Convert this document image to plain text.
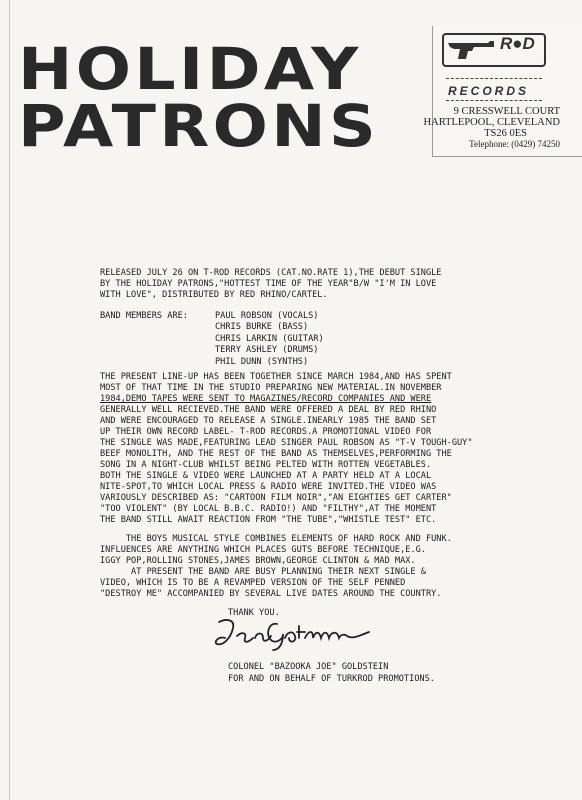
HOLIDAY
PATRONS
R●D
RECORDS
9 CRESSWELL COURT
HARTLEPOOL, CLEVELAND
TS26 0ES
Telephone: (0429) 74250
RELEASED JULY 26 ON T-ROD RECORDS (CAT.NO.RATE 1),THE DEBUT SINGLE
BY THE HOLIDAY PATRONS,"HOTTEST TIME OF THE YEAR"B/W "I'M IN LOVE
WITH LOVE", DISTRIBUTED BY RED RHINO/CARTEL.
BAND MEMBERS ARE:	PAUL ROBSON (VOCALS)
CHRIS BURKE (BASS)
CHRIS LARKIN (GUITAR)
TERRY ASHLEY (DRUMS)
PHIL DUNN (SYNTHS)
THE PRESENT LINE-UP HAS BEEN TOGETHER SINCE MARCH 1984,AND HAS SPENT
MOST OF THAT TIME IN THE STUDIO PREPARING NEW MATERIAL.IN NOVEMBER
1984,DEMO TAPES WERE SENT TO MAGAZINES/RECORD COMPANIES AND WERE
GENERALLY WELL RECIEVED.THE BAND WERE OFFERED A DEAL BY RED RHINO
AND WERE ENCOURAGED TO RELEASE A SINGLE.INEARLY 1985 THE BAND SET
UP THEIR OWN RECORD LABEL- T-ROD RECORDS.A PROMOTIONAL VIDEO FOR
THE SINGLE WAS MADE,FEATURING LEAD SINGER PAUL ROBSON AS "T-V TOUGH-GUY"
BEEF MONOLITH, AND THE REST OF THE BAND AS THEMSELVES,PERFORMING THE
SONG IN A NIGHT-CLUB WHILST BEING PELTED WITH ROTTEN VEGETABLES.
BOTH THE SINGLE & VIDEO WERE LAUNCHED AT A PARTY HELD AT A LOCAL
NITE-SPOT,TO WHICH LOCAL PRESS & RADIO WERE INVITED.THE VIDEO WAS
VARIOUSLY DESCRIBED AS: "CARTOON FILM NOIR","AN EIGHTIES GET CARTER"
"TOO VIOLENT" (BY LOCAL B.B.C. RADIO!) AND "FILTHY",AT THE MOMENT
THE BAND STILL AWAIT REACTION FROM "THE TUBE","WHISTLE TEST" ETC.
THE BOYS MUSICAL STYLE COMBINES ELEMENTS OF HARD ROCK AND FUNK.
INFLUENCES ARE ANYTHING WHICH PLACES GUTS BEFORE TECHNIQUE,E.G.
IGGY POP,ROLLING STONES,JAMES BROWN,GEORGE CLINTON & MAD MAX.
AT PRESENT THE BAND ARE BUSY PLANNING THEIR NEXT SINGLE &
VIDEO, WHICH IS TO BE A REVAMPED VERSION OF THE SELF PENNED
"DESTROY ME" ACCOMPANIED BY SEVERAL LIVE DATES AROUND THE COUNTRY.
THANK YOU.
COLONEL "BAZOOKA JOE" GOLDSTEIN
FOR AND ON BEHALF OF TURKROD PROMOTIONS.
